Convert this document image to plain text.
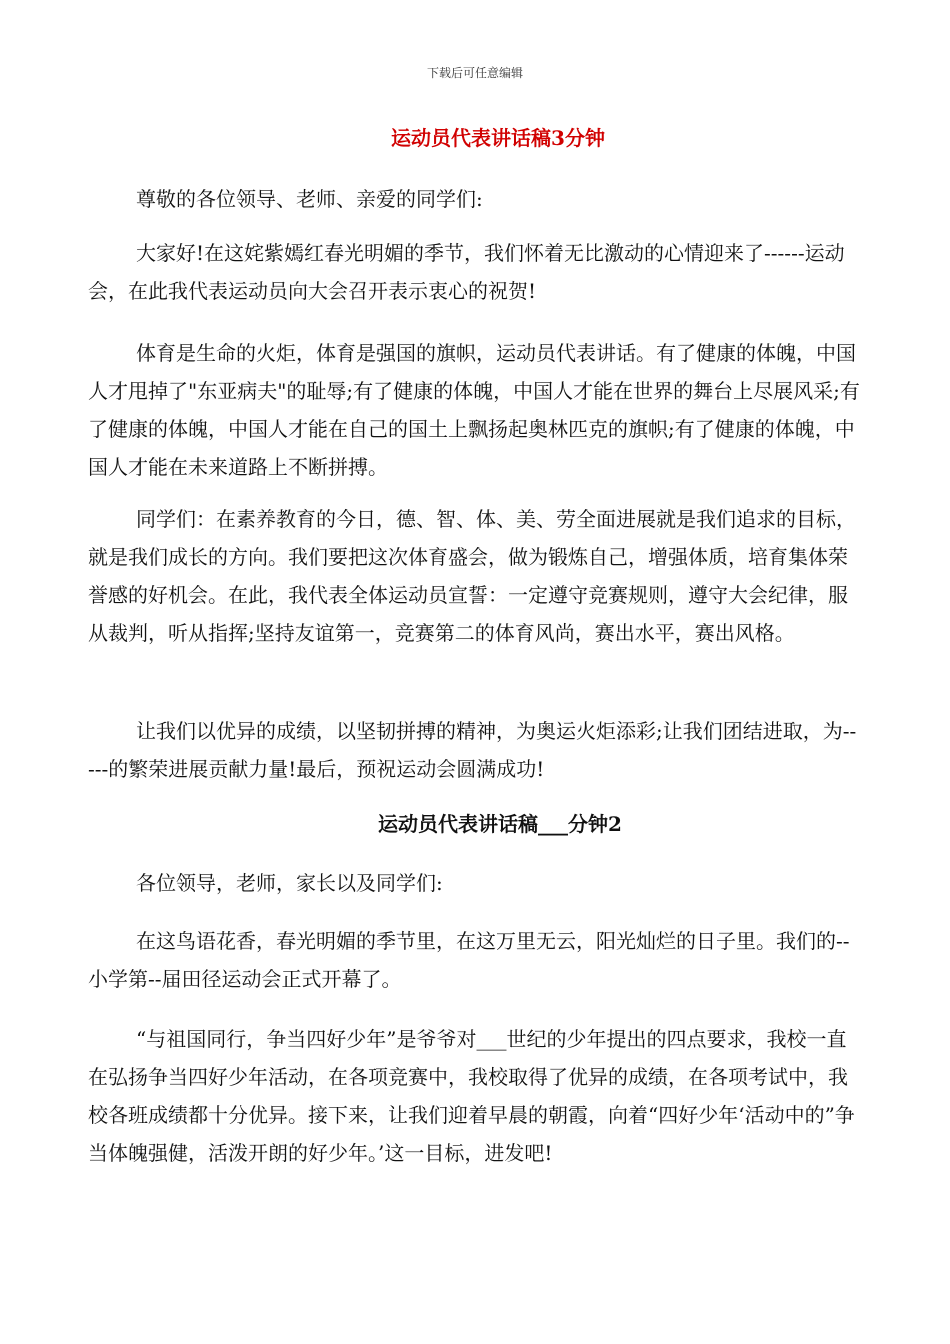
下载后可任意编辑
运动员代表讲话稿3分钟
尊敬的各位领导、老师、亲爱的同学们:

大家好!在这姹紫嫣红春光明媚的季节，我们怀着无比激动的心情迎来了------运动会，在此我代表运动员向大会召开表示衷心的祝贺!

体育是生命的火炬，体育是强国的旗帜，运动员代表讲话。有了健康的体魄，中国人才甩掉了"东亚病夫"的耻辱;有了健康的体魄，中国人才能在世界的舞台上尽展风采;有了健康的体魄，中国人才能在自己的国土上飘扬起奥林匹克的旗帜;有了健康的体魄，中国人才能在未来道路上不断拼搏。

同学们：在素养教育的今日，德、智、体、美、劳全面进展就是我们追求的目标，就是我们成长的方向。我们要把这次体育盛会，做为锻炼自己，增强体质，培育集体荣誉感的好机会。在此，我代表全体运动员宣誓：一定遵守竞赛规则，遵守大会纪律，服从裁判，听从指挥;坚持友谊第一，竞赛第二的体育风尚，赛出水平，赛出风格。

让我们以优异的成绩，以坚韧拼搏的精神，为奥运火炬添彩;让我们团结进取，为-----的繁荣进展贡献力量!最后，预祝运动会圆满成功!

运动员代表讲话稿___分钟2
各位领导，老师，家长以及同学们:

在这鸟语花香，春光明媚的季节里，在这万里无云，阳光灿烂的日子里。我们的--小学第--届田径运动会正式开幕了。

“与祖国同行，争当四好少年”是爷爷对___世纪的少年提出的四点要求，我校一直在弘扬争当四好少年活动，在各项竞赛中，我校取得了优异的成绩，在各项考试中，我校各班成绩都十分优异。接下来，让我们迎着早晨的朝霞，向着“四好少年‘活动中的”争当体魄强健，活泼开朗的好少年。’这一目标，进发吧!
